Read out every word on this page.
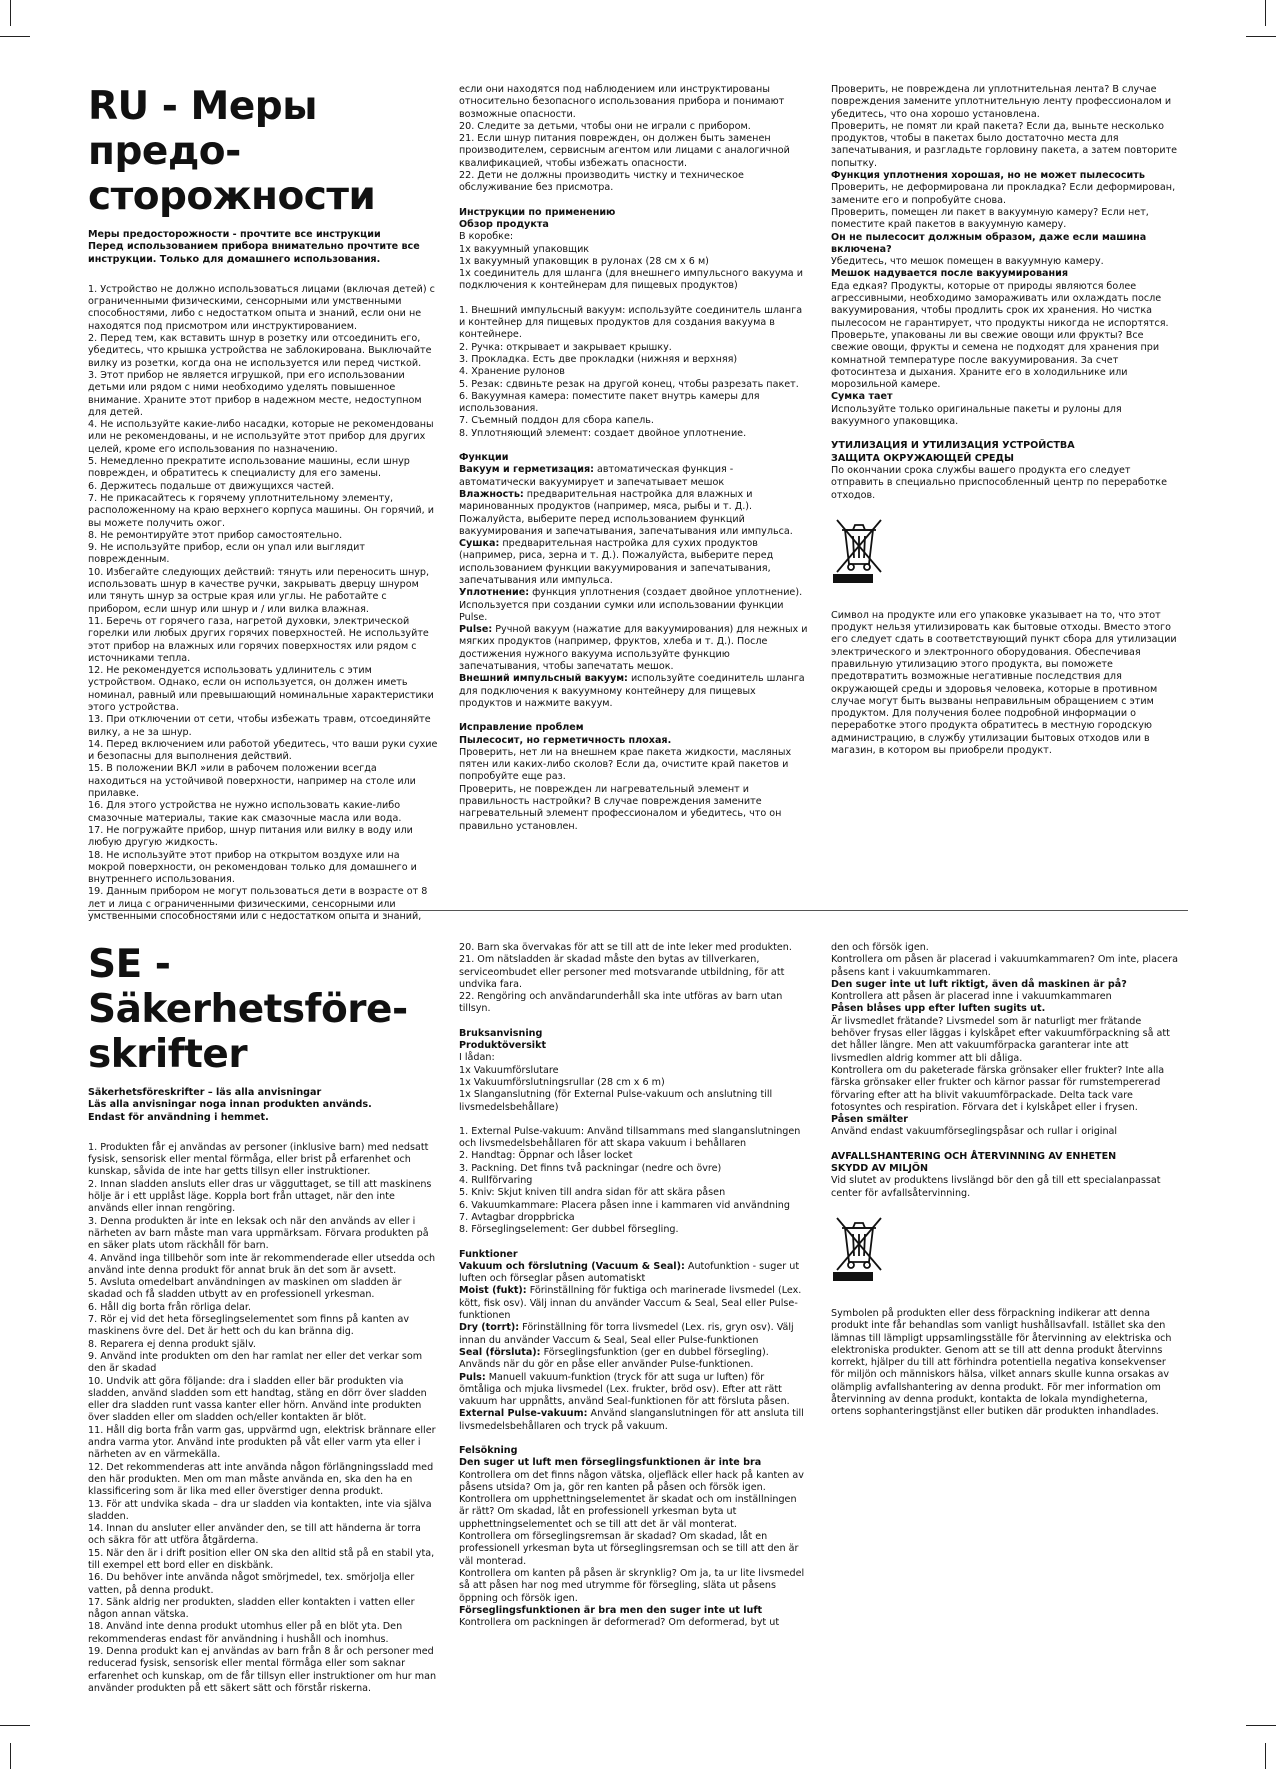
RU - Меры предо-
сторожности
Меры предосторожности - прочтите все инструкции
Перед использованием прибора внимательно прочтите все
инструкции. Только для домашнего использования.

1. Устройство не должно использоваться лицами (включая детей) с ограниченными физическими, сенсорными или умственными способностями, либо с недостатком опыта и знаний, если они не находятся под присмотром или инструктированием.

2. Перед тем, как вставить шнур в розетку или отсоединить его, убедитесь, что крышка устройства не заблокирована. Выключайте вилку из розетки, когда она не используется или перед чисткой.

3. Этот прибор не является игрушкой, при его использовании детьми или рядом с ними необходимо уделять повышенное внимание. Храните этот прибор в надежном месте, недоступном для детей.

4. Не используйте какие-либо насадки, которые не рекомендованы или не рекомендованы, и не используйте этот прибор для других целей, кроме его использования по назначению.

5. Немедленно прекратите использование машины, если шнур поврежден, и обратитесь к специалисту для его замены.

6. Держитесь подальше от движущихся частей.

7. Не прикасайтесь к горячему уплотнительному элементу, расположенному на краю верхнего корпуса машины. Он горячий, и вы можете получить ожог.

8. Не ремонтируйте этот прибор самостоятельно.

9. Не используйте прибор, если он упал или выглядит поврежденным.

10. Избегайте следующих действий: тянуть или переносить шнур, использовать шнур в качестве ручки, закрывать дверцу шнуром или тянуть шнур за острые края или углы. Не работайте с прибором, если шнур или шнур и / или вилка влажная.

11. Беречь от горячего газа, нагретой духовки, электрической горелки или любых других горячих поверхностей. Не используйте этот прибор на влажных или горячих поверхностях или рядом с источниками тепла.

12. Не рекомендуется использовать удлинитель с этим устройством. Однако, если он используется, он должен иметь номинал, равный или превышающий номинальные характеристики этого устройства.

13. При отключении от сети, чтобы избежать травм, отсоединяйте вилку, а не за шнур.

14. Перед включением или работой убедитесь, что ваши руки сухие и безопасны для выполнения действий.

15. В положении ВКЛ »или в рабочем положении всегда находиться на устойчивой поверхности, например на столе или прилавке.

16. Для этого устройства не нужно использовать какие-либо смазочные материалы, такие как смазочные масла или вода.

17. Не погружайте прибор, шнур питания или вилку в воду или любую другую жидкость.

18. Не используйте этот прибор на открытом воздухе или на мокрой поверхности, он рекомендован только для домашнего и внутреннего использования.

19. Данным прибором не могут пользоваться дети в возрасте от 8 лет и лица с ограниченными физическими, сенсорными или умственными способностями или с недостатком опыта и знаний,

если они находятся под наблюдением или инструктированы относительно безопасного использования прибора и понимают возможные опасности.

20. Следите за детьми, чтобы они не играли с прибором.

21. Если шнур питания поврежден, он должен быть заменен производителем, сервисным агентом или лицами с аналогичной квалификацией, чтобы избежать опасности.

22. Дети не должны производить чистку и техническое обслуживание без присмотра.

Инструкции по применению

Обзор продукта

В коробке:

1x вакуумный упаковщик

1x вакуумный упаковщик в рулонах (28 см х 6 м)

1x соединитель для шланга (для внешнего импульсного вакуума и подключения к контейнерам для пищевых продуктов)

1. Внешний импульсный вакуум: используйте соединитель шланга и контейнер для пищевых продуктов для создания вакуума в контейнере.

2. Ручка: открывает и закрывает крышку.

3. Прокладка. Есть две прокладки (нижняя и верхняя)

4. Хранение рулонов

5. Резак: сдвиньте резак на другой конец, чтобы разрезать пакет.

6. Вакуумная камера: поместите пакет внутрь камеры для использования.

7. Съемный поддон для сбора капель.

8. Уплотняющий элемент: создает двойное уплотнение.

Функции

Вакуум и герметизация: автоматическая функция - автоматически вакуумирует и запечатывает мешок

Влажность: предварительная настройка для влажных и маринованных продуктов (например, мяса, рыбы и т. Д.). Пожалуйста, выберите перед использованием функций вакуумирования и запечатывания, запечатывания или импульса.

Сушка: предварительная настройка для сухих продуктов (например, риса, зерна и т. Д.). Пожалуйста, выберите перед использованием функции вакуумирования и запечатывания, запечатывания или импульса.

Уплотнение: функция уплотнения (создает двойное уплотнение). Используется при создании сумки или использовании функции Pulse.

Pulse: Ручной вакуум (нажатие для вакуумирования) для нежных и мягких продуктов (например, фруктов, хлеба и т. Д.). После достижения нужного вакуума используйте функцию запечатывания, чтобы запечатать мешок.

Внешний импульсный вакуум: используйте соединитель шланга для подключения к вакуумному контейнеру для пищевых продуктов и нажмите вакуум.

Исправление проблем

Пылесосит, но герметичность плохая.

Проверить, нет ли на внешнем крае пакета жидкости, масляных пятен или каких-либо сколов? Если да, очистите край пакетов и попробуйте еще раз.

Проверить, не поврежден ли нагревательный элемент и правильность настройки? В случае повреждения замените нагревательный элемент профессионалом и убедитесь, что он правильно установлен.

Проверить, не повреждена ли уплотнительная лента? В случае повреждения замените уплотнительную ленту профессионалом и убедитесь, что она хорошо установлена.

Проверить, не помят ли край пакета? Если да, выньте несколько продуктов, чтобы в пакетах было достаточно места для запечатывания, и разгладьте горловину пакета, а затем повторите попытку.

Функция уплотнения хорошая, но не может пылесосить

Проверить, не деформирована ли прокладка? Если деформирован, замените его и попробуйте снова.

Проверить, помещен ли пакет в вакуумную камеру? Если нет, поместите край пакетов в вакуумную камеру.

Он не пылесосит должным образом, даже если машина включена?

Убедитесь, что мешок помещен в вакуумную камеру.

Мешок надувается после вакуумирования

Еда едкая? Продукты, которые от природы являются более агрессивными, необходимо замораживать или охлаждать после вакуумирования, чтобы продлить срок их хранения. Но чистка пылесосом не гарантирует, что продукты никогда не испортятся.

Проверьте, упакованы ли вы свежие овощи или фрукты? Все свежие овощи, фрукты и семена не подходят для хранения при комнатной температуре после вакуумирования. За счет фотосинтеза и дыхания. Храните его в холодильнике или морозильной камере.

Сумка тает

Используйте только оригинальные пакеты и рулоны для вакуумного упаковщика.

УТИЛИЗАЦИЯ И УТИЛИЗАЦИЯ УСТРОЙСТВА

ЗАЩИТА ОКРУЖАЮЩЕЙ СРЕДЫ

По окончании срока службы вашего продукта его следует отправить в специально приспособленный центр по переработке отходов.

Символ на продукте или его упаковке указывает на то, что этот продукт нельзя утилизировать как бытовые отходы. Вместо этого его следует сдать в соответствующий пункт сбора для утилизации электрического и электронного оборудования. Обеспечивая правильную утилизацию этого продукта, вы поможете предотвратить возможные негативные последствия для окружающей среды и здоровья человека, которые в противном случае могут быть вызваны неправильным обращением с этим продуктом. Для получения более подробной информации о переработке этого продукта обратитесь в местную городскую администрацию, в службу утилизации бытовых отходов или в магазин, в котором вы приобрели продукт.

SE - Säkerhetsföre-
skrifter
Säkerhetsföreskrifter – läs alla anvisningar
Läs alla anvisningar noga innan produkten används.
Endast för användning i hemmet.

1. Produkten får ej användas av personer (inklusive barn) med nedsatt fysisk, sensorisk eller mental förmåga, eller brist på erfarenhet och kunskap, såvida de inte har getts tillsyn eller instruktioner.

2. Innan sladden ansluts eller dras ur vägguttaget, se till att maskinens hölje är i ett upplåst läge. Koppla bort från uttaget, när den inte används eller innan rengöring.

3. Denna produkten är inte en leksak och när den används av eller i närheten av barn måste man vara uppmärksam. Förvara produkten på en säker plats utom räckhåll för barn.

4. Använd inga tillbehör som inte är rekommenderade eller utsedda och använd inte denna produkt för annat bruk än det som är avsett.

5. Avsluta omedelbart användningen av maskinen om sladden är skadad och få sladden utbytt av en professionell yrkesman.

6. Håll dig borta från rörliga delar.

7. Rör ej vid det heta förseglingselementet som finns på kanten av maskinens övre del. Det är hett och du kan bränna dig.

8. Reparera ej denna produkt själv.

9. Använd inte produkten om den har ramlat ner eller det verkar som den är skadad

10. Undvik att göra följande: dra i sladden eller bär produkten via sladden, använd sladden som ett handtag, stäng en dörr över sladden eller dra sladden runt vassa kanter eller hörn. Använd inte produkten över sladden eller om sladden och/eller kontakten är blöt.

11. Håll dig borta från varm gas, uppvärmd ugn, elektrisk brännare eller andra varma ytor. Använd inte produkten på våt eller varm yta eller i närheten av en värmekälla.

12. Det rekommenderas att inte använda någon förlängningssladd med den här produkten. Men om man måste använda en, ska den ha en klassificering som är lika med eller överstiger denna produkt.

13. För att undvika skada – dra ur sladden via kontakten, inte via själva sladden.

14. Innan du ansluter eller använder den, se till att händerna är torra och säkra för att utföra åtgärderna.

15. När den är i drift position eller ON ska den alltid stå på en stabil yta, till exempel ett bord eller en diskbänk.

16. Du behöver inte använda något smörjmedel, tex. smörjolja eller vatten, på denna produkt.

17. Sänk aldrig ner produkten, sladden eller kontakten i vatten eller någon annan vätska.

18. Använd inte denna produkt utomhus eller på en blöt yta. Den rekommenderas endast för användning i hushåll och inomhus.

19. Denna produkt kan ej användas av barn från 8 år och personer med reducerad fysisk, sensorisk eller mental förmåga eller som saknar erfarenhet och kunskap, om de får tillsyn eller instruktioner om hur man använder produkten på ett säkert sätt och förstår riskerna.

20. Barn ska övervakas för att se till att de inte leker med produkten.

21. Om nätsladden är skadad måste den bytas av tillverkaren, serviceombudet eller personer med motsvarande utbildning, för att undvika fara.

22. Rengöring och användarunderhåll ska inte utföras av barn utan tillsyn.

Bruksanvisning

Produktöversikt

I lådan:

1x Vakuumförslutare

1x Vakuumförslutningsrullar (28 cm x 6 m)

1x Slanganslutning (för External Pulse-vakuum och anslutning till livsmedelsbehållare)

1. External Pulse-vakuum: Använd tillsammans med slanganslutningen och livsmedelsbehållaren för att skapa vakuum i behållaren

2. Handtag: Öppnar och låser locket

3. Packning. Det finns två packningar (nedre och övre)

4. Rullförvaring

5. Kniv: Skjut kniven till andra sidan för att skära påsen

6. Vakuumkammare: Placera påsen inne i kammaren vid användning

7. Avtagbar droppbricka

8. Förseglingselement: Ger dubbel försegling.

Funktioner

Vakuum och förslutning (Vacuum & Seal): Autofunktion - suger ut luften och förseglar påsen automatiskt

Moist (fukt): Förinställning för fuktiga och marinerade livsmedel (Lex. kött, fisk osv). Välj innan du använder Vaccum & Seal, Seal eller Pulse-funktionen

Dry (torrt): Förinställning för torra livsmedel (Lex. ris, gryn osv). Välj innan du använder Vaccum & Seal, Seal eller Pulse-funktionen

Seal (försluta): Förseglingsfunktion (ger en dubbel försegling). Används när du gör en påse eller använder Pulse-funktionen.

Puls: Manuell vakuum-funktion (tryck för att suga ur luften) för ömtåliga och mjuka livsmedel (Lex. frukter, bröd osv). Efter att rätt vakuum har uppnåtts, använd Seal-funktionen för att försluta påsen.

External Pulse-vakuum: Använd slanganslutningen för att ansluta till livsmedelsbehållaren och tryck på vakuum.

Felsökning

Den suger ut luft men förseglingsfunktionen är inte bra

Kontrollera om det finns någon vätska, oljefläck eller hack på kanten av påsens utsida? Om ja, gör ren kanten på påsen och försök igen.

Kontrollera om upphettningselementet är skadat och om inställningen är rätt? Om skadad, låt en professionell yrkesman byta ut upphettningselementet och se till att det är väl monterat.

Kontrollera om förseglingsremsan är skadad? Om skadad, låt en professionell yrkesman byta ut förseglingsremsan och se till att den är väl monterad.

Kontrollera om kanten på påsen är skrynklig? Om ja, ta ur lite livsmedel så att påsen har nog med utrymme för försegling, släta ut påsens öppning och försök igen.

Förseglingsfunktionen är bra men den suger inte ut luft

Kontrollera om packningen är deformerad? Om deformerad, byt ut

den och försök igen.

Kontrollera om påsen är placerad i vakuumkammaren? Om inte, placera påsens kant i vakuumkammaren.

Den suger inte ut luft riktigt, även då maskinen är på?

Kontrollera att påsen är placerad inne i vakuumkammaren

Påsen blåses upp efter luften sugits ut.

Är livsmedlet frätande? Livsmedel som är naturligt mer frätande behöver frysas eller läggas i kylskåpet efter vakuumförpackning så att det håller längre. Men att vakuumförpacka garanterar inte att livsmedlen aldrig kommer att bli dåliga.

Kontrollera om du paketerade färska grönsaker eller frukter? Inte alla färska grönsaker eller frukter och kärnor passar för rumstempererad förvaring efter att ha blivit vakuumförpackade. Delta tack vare fotosyntes och respiration. Förvara det i kylskåpet eller i frysen.

Påsen smälter

Använd endast vakuumförseglingspåsar och rullar i original

AVFALLSHANTERING OCH ÅTERVINNING AV ENHETEN

SKYDD AV MILJÖN

Vid slutet av produktens livslängd bör den gå till ett specialanpassat center för avfallsåtervinning.

Symbolen på produkten eller dess förpackning indikerar att denna produkt inte får behandlas som vanligt hushållsavfall. Istället ska den lämnas till lämpligt uppsamlingsställe för återvinning av elektriska och elektroniska produkter. Genom att se till att denna produkt återvinns korrekt, hjälper du till att förhindra potentiella negativa konsekvenser för miljön och människors hälsa, vilket annars skulle kunna orsakas av olämplig avfallshantering av denna produkt. För mer information om återvinning av denna produkt, kontakta de lokala myndigheterna, ortens sophanteringstjänst eller butiken där produkten inhandlades.
